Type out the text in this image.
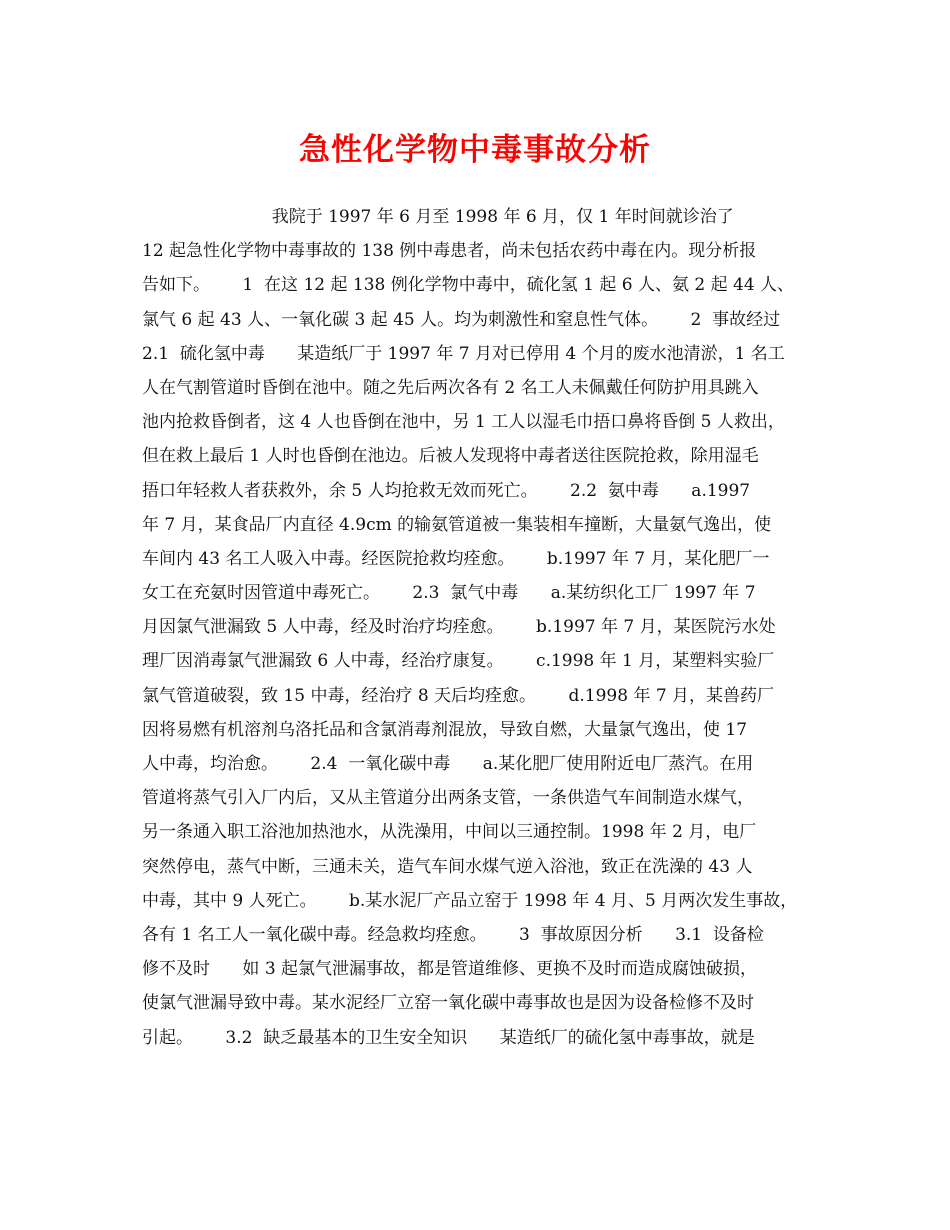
急性化学物中毒事故分析
我院于 1997 年 6 月至 1998 年 6 月，仅 1 年时间就诊治了
12 起急性化学物中毒事故的 138 例中毒患者，尚未包括农药中毒在内。现分析报
告如下。      1  在这 12 起 138 例化学物中毒中，硫化氢 1 起 6 人、氨 2 起 44 人、
氯气 6 起 43 人、一氧化碳 3 起 45 人。均为刺激性和窒息性气体。      2  事故经过
2.1  硫化氢中毒      某造纸厂于 1997 年 7 月对已停用 4 个月的废水池清淤，1 名工
人在气割管道时昏倒在池中。随之先后两次各有 2 名工人未佩戴任何防护用具跳入
池内抢救昏倒者，这 4 人也昏倒在池中，另 1 工人以湿毛巾捂口鼻将昏倒 5 人救出，
但在救上最后 1 人时也昏倒在池边。后被人发现将中毒者送往医院抢救，除用湿毛
捂口年轻救人者获救外，余 5 人均抢救无效而死亡。      2.2  氨中毒      a.1997
年 7 月，某食品厂内直径 4.9cm 的输氨管道被一集装相车撞断，大量氨气逸出，使
车间内 43 名工人吸入中毒。经医院抢救均痊愈。      b.1997 年 7 月，某化肥厂一
女工在充氨时因管道中毒死亡。      2.3  氯气中毒      a.某纺织化工厂 1997 年 7
月因氯气泄漏致 5 人中毒，经及时治疗均痊愈。      b.1997 年 7 月，某医院污水处
理厂因消毒氯气泄漏致 6 人中毒，经治疗康复。      c.1998 年 1 月，某塑料实验厂
氯气管道破裂，致 15 中毒，经治疗 8 天后均痊愈。      d.1998 年 7 月，某兽药厂
因将易燃有机溶剂乌洛托品和含氯消毒剂混放，导致自燃，大量氯气逸出，使 17
人中毒，均治愈。      2.4  一氧化碳中毒      a.某化肥厂使用附近电厂蒸汽。在用
管道将蒸气引入厂内后，又从主管道分出两条支管，一条供造气车间制造水煤气，
另一条通入职工浴池加热池水，从洗澡用，中间以三通控制。1998 年 2 月，电厂
突然停电，蒸气中断，三通未关，造气车间水煤气逆入浴池，致正在洗澡的 43 人
中毒，其中 9 人死亡。      b.某水泥厂产品立窑于 1998 年 4 月、5 月两次发生事故，
各有 1 名工人一氧化碳中毒。经急救均痊愈。      3  事故原因分析      3.1  设备检
修不及时      如 3 起氯气泄漏事故，都是管道维修、更换不及时而造成腐蚀破损，
使氯气泄漏导致中毒。某水泥经厂立窑一氧化碳中毒事故也是因为设备检修不及时
引起。      3.2  缺乏最基本的卫生安全知识      某造纸厂的硫化氢中毒事故，就是
